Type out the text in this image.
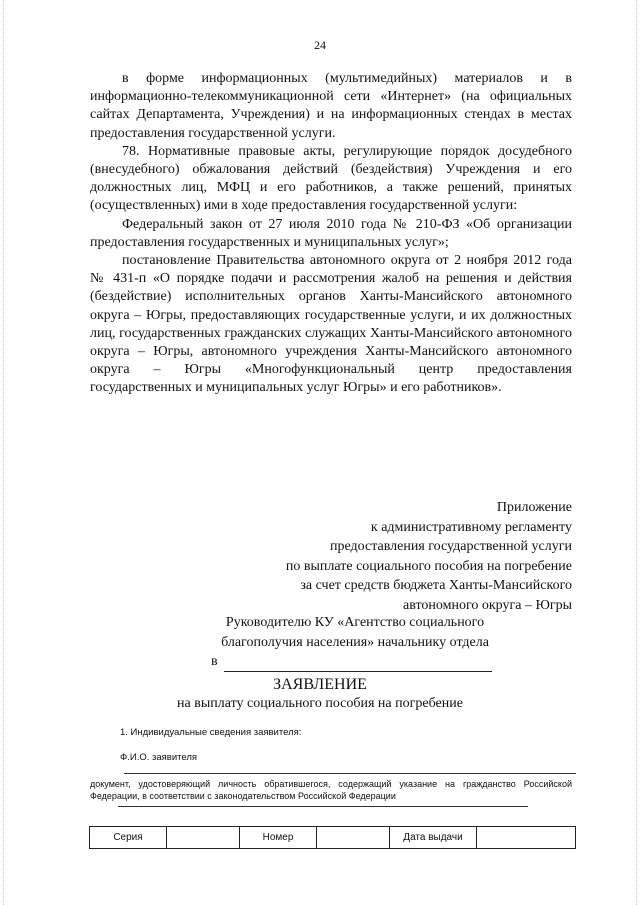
24

в форме информационных (мультимедийных) материалов и в информационно-телекоммуникационной сети «Интернет» (на официальных сайтах Департамента, Учреждения) и на информационных стендах в местах предоставления государственной услуги.

78. Нормативные правовые акты, регулирующие порядок досудебного (внесудебного) обжалования действий (бездействия) Учреждения и его должностных лиц, МФЦ и его работников, а также решений, принятых (осуществленных) ими в ходе предоставления государственной услуги:

Федеральный закон от 27 июля 2010 года № 210-ФЗ «Об организации предоставления государственных и муниципальных услуг»;

постановление Правительства автономного округа от 2 ноября 2012 года № 431-п «О порядке подачи и рассмотрения жалоб на решения и действия (бездействие) исполнительных органов Ханты-Мансийского автономного округа – Югры, предоставляющих государственные услуги, и их должностных лиц, государственных гражданских служащих Ханты-Мансийского автономного округа – Югры, автономного учреждения Ханты-Мансийского автономного округа – Югры «Многофункциональный центр предоставления государственных и муниципальных услуг Югры» и его работников».

Приложение
к административному регламенту
предоставления государственной услуги
по выплате социального пособия на погребение
за счет средств бюджета Ханты-Мансийского
автономного округа – Югры
Руководителю КУ «Агентство социального
благополучия населения» начальнику отдела
в
ЗАЯВЛЕНИЕ
на выплату социального пособия на погребение
1. Индивидуальные сведения заявителя:
Ф.И.О. заявителя
документ, удостоверяющий личность обратившегося, содержащий указание на гражданство Российской Федерации, в соответствии с законодательством Российской Федерации
Серия		Номер		Дата выдачи	
